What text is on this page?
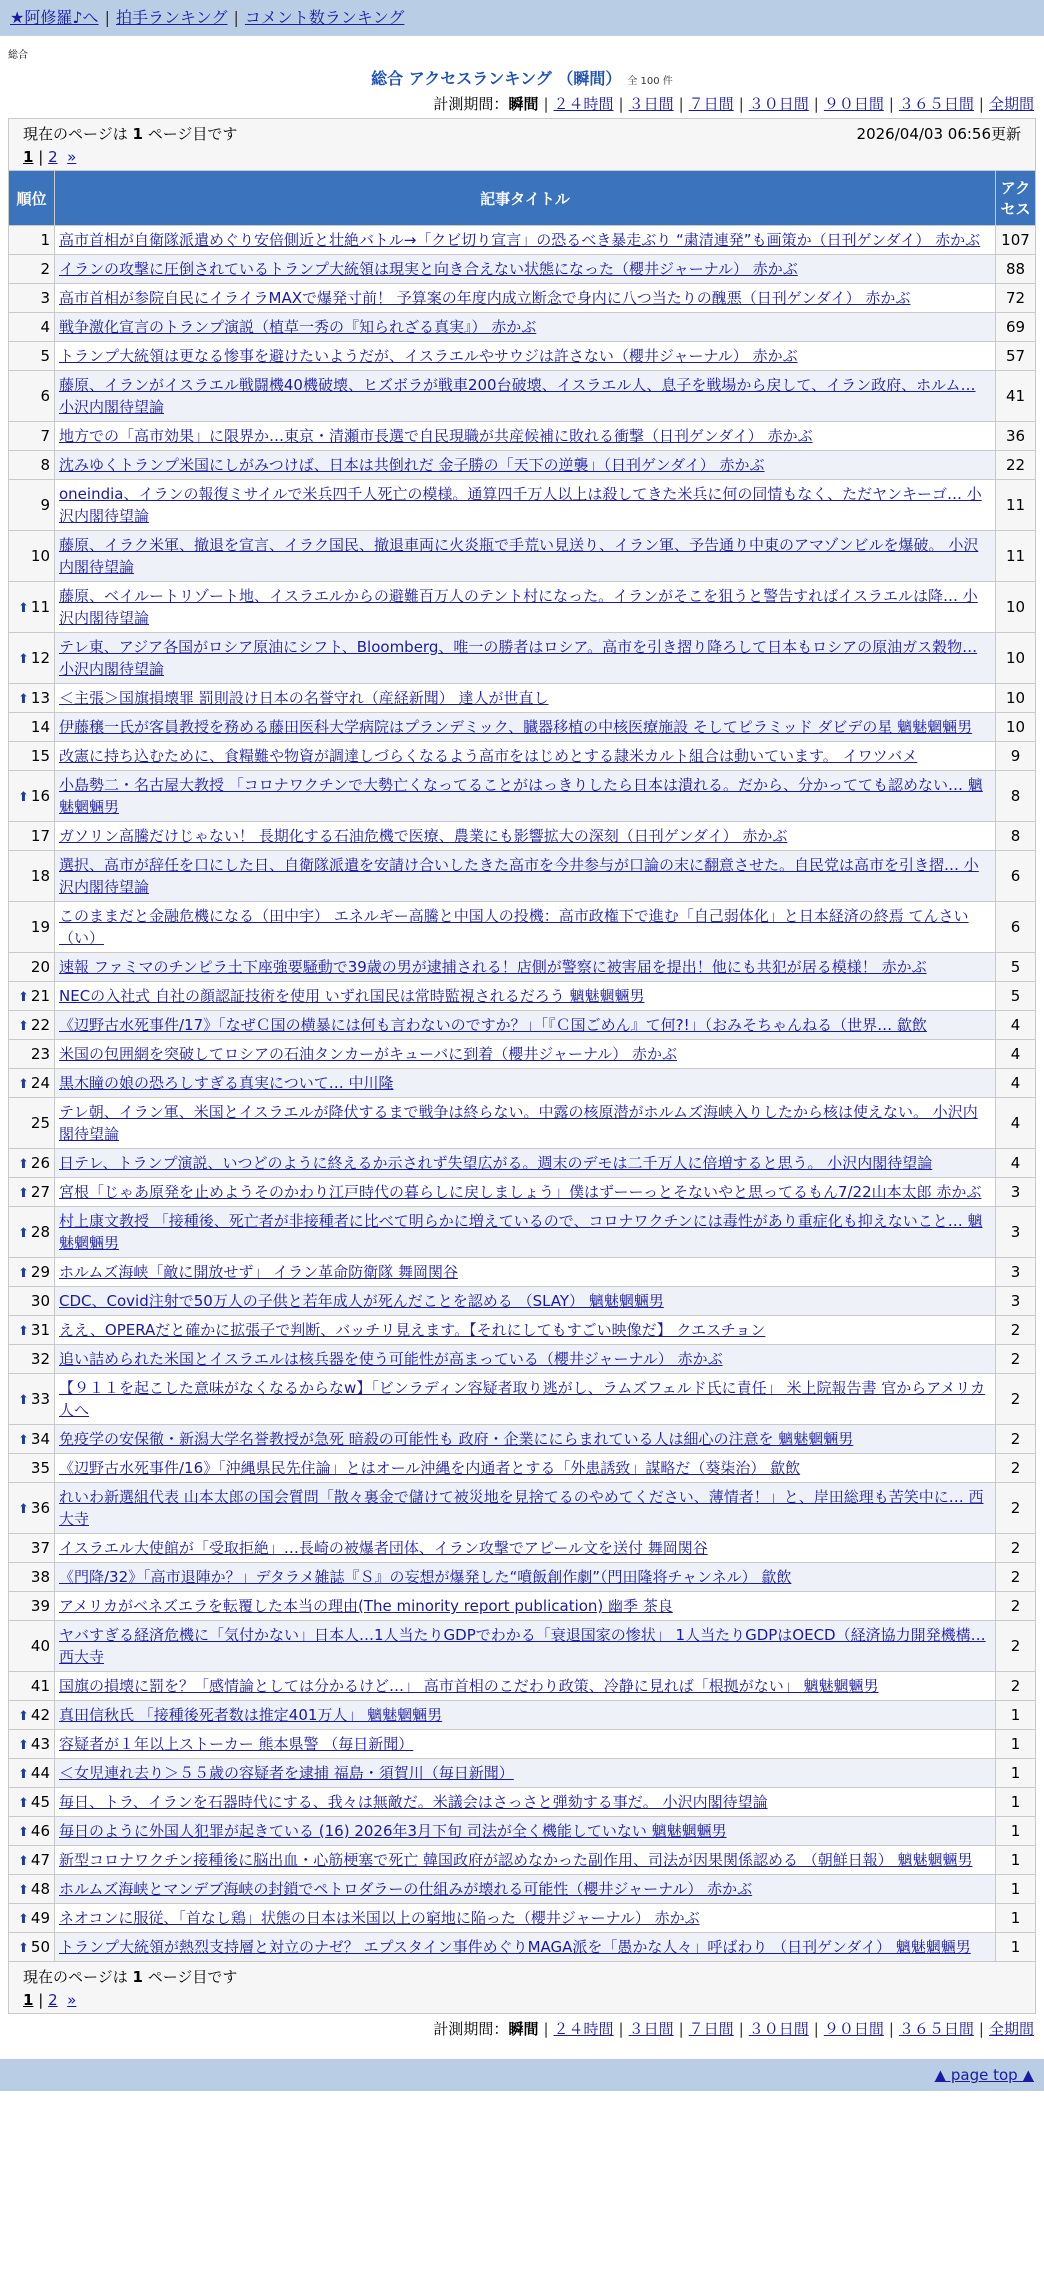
★阿修羅♪へ | 拍手ランキング | コメント数ランキング
総合
総合 アクセスランキング （瞬間） 全 100 件
計測期間：瞬間 | ２４時間 | ３日間 | ７日間 | ３０日間 | ９０日間 | ３６５日間 | 全期間
現在のページは 1 ページ目です 2026/04/03 06:56更新
1 | 2 »		

順位	記事タイトル	アクセス
1	高市首相が自衛隊派遣めぐり安倍側近と壮絶バトル→「クビ切り宣言」の恐るべき暴走ぶり “粛清連発”も画策か（日刊ゲンダイ） 赤かぶ	107
2	イランの攻撃に圧倒されているトランプ大統領は現実と向き合えない状態になった（櫻井ジャーナル） 赤かぶ	88
3	高市首相が参院自民にイライラMAXで爆発寸前！ 予算案の年度内成立断念で身内に八つ当たりの醜悪（日刊ゲンダイ） 赤かぶ	72
4	戦争激化宣言のトランプ演説（植草一秀の『知られざる真実』） 赤かぶ	69
5	トランプ大統領は更なる惨事を避けたいようだが、イスラエルやサウジは許さない（櫻井ジャーナル） 赤かぶ	57
6	藤原、イランがイスラエル戦闘機40機破壊、ヒズボラが戦車200台破壊、イスラエル人、息子を戦場から戻して、イラン政府、ホルム… 小沢内閣待望論	41
7	地方での「高市効果」に限界か…東京・清瀬市長選で自民現職が共産候補に敗れる衝撃（日刊ゲンダイ） 赤かぶ	36
8	沈みゆくトランプ米国にしがみつけば、日本は共倒れだ 金子勝の「天下の逆襲」（日刊ゲンダイ） 赤かぶ	22
9	oneindia、イランの報復ミサイルで米兵四千人死亡の模様。通算四千万人以上は殺してきた米兵に何の同情もなく、ただヤンキーゴ… 小沢内閣待望論	11
10	藤原、イラク米軍、撤退を宣言、イラク国民、撤退車両に火炎瓶で手荒い見送り、イラン軍、予告通り中東のアマゾンビルを爆破。 小沢内閣待望論	11
⬆ 11	藤原、ベイルートリゾート地、イスラエルからの避難百万人のテント村になった。イランがそこを狙うと警告すればイスラエルは降… 小沢内閣待望論	10
⬆ 12	テレ東、アジア各国がロシア原油にシフト、Bloomberg、唯一の勝者はロシア。高市を引き摺り降ろして日本もロシアの原油ガス穀物… 小沢内閣待望論	10
⬆ 13	＜主張＞国旗損壊罪 罰則設け日本の名誉守れ（産経新聞） 達人が世直し	10
14	伊藤穣一氏が客員教授を務める藤田医科大学病院はプランデミック、臓器移植の中核医療施設 そしてピラミッド ダビデの星 魑魅魍魎男	10
15	改憲に持ち込むために、食糧難や物資が調達しづらくなるよう高市をはじめとする隷米カルト組合は動いています。 イワツバメ	9
⬆ 16	小島勢二・名古屋大教授 「コロナワクチンで大勢亡くなってることがはっきりしたら日本は潰れる。だから、分かってても認めない… 魑魅魍魎男	8
17	ガソリン高騰だけじゃない！ 長期化する石油危機で医療、農業にも影響拡大の深刻（日刊ゲンダイ） 赤かぶ	8
18	選択、高市が辞任を口にした日、自衛隊派遣を安請け合いしたきた高市を今井参与が口論の末に翻意させた。自民党は高市を引き摺… 小沢内閣待望論	6
19	このままだと金融危機になる（田中宇） エネルギー高騰と中国人の投機：高市政権下で進む「自己弱体化」と日本経済の終焉 てんさい（い）	6
20	速報 ファミマのチンピラ土下座強要騒動で39歳の男が逮捕される！店側が警察に被害届を提出！他にも共犯が居る模様！ 赤かぶ	5
⬆ 21	NECの入社式 自社の顔認証技術を使用 いずれ国民は常時監視されるだろう 魑魅魍魎男	5
⬆ 22	《辺野古水死事件/17》「なぜＣ国の横暴には何も言わないのですか？」「『Ｃ国ごめん』て何?!」（おみそちゃんねる（世界… 歙飲	4
23	米国の包囲網を突破してロシアの石油タンカーがキューバに到着（櫻井ジャーナル） 赤かぶ	4
⬆ 24	黒木瞳の娘の恐ろしすぎる真実について… 中川隆	4
25	テレ朝、イラン軍、米国とイスラエルが降伏するまで戦争は終らない。中露の核原潜がホルムズ海峡入りしたから核は使えない。 小沢内閣待望論	4
⬆ 26	日テレ、トランプ演説、いつどのように終えるか示されず失望広がる。週末のデモは二千万人に倍増すると思う。 小沢内閣待望論	4
⬆ 27	宮根「じゃあ原発を止めようそのかわり江戸時代の暮らしに戻しましょう」僕はずーーっとそないやと思ってるもん7/22山本太郎 赤かぶ	3
⬆ 28	村上康文教授 「接種後、死亡者が非接種者に比べて明らかに増えているので、コロナワクチンには毒性があり重症化も抑えないこと… 魑魅魍魎男	3
⬆ 29	ホルムズ海峡「敵に開放せず」 イラン革命防衛隊 舞岡関谷	3
30	CDC、Covid注射で50万人の子供と若年成人が死んだことを認める （SLAY） 魑魅魍魎男	3
⬆ 31	ええ、OPERAだと確かに拡張子で判断、バッチリ見えます。【それにしてもすごい映像だ】 クエスチョン	2
32	追い詰められた米国とイスラエルは核兵器を使う可能性が高まっている（櫻井ジャーナル） 赤かぶ	2
⬆ 33	【９１１を起こした意味がなくなるからなw】「ビンラディン容疑者取り逃がし、ラムズフェルド氏に責任」 米上院報告書 官からアメリカ人へ	2
⬆ 34	免疫学の安保徹・新潟大学名誉教授が急死 暗殺の可能性も 政府・企業ににらまれている人は細心の注意を 魑魅魍魎男	2
35	《辺野古水死事件/16》「沖縄県民先住論」とはオール沖縄を内通者とする「外患誘致」謀略だ（葵柒治） 歙飲	2
⬆ 36	れいわ新選組代表 山本太郎の国会質問「散々裏金で儲けて被災地を見捨てるのやめてください、薄情者！」と、岸田総理も苦笑中に… 西大寺	2
37	イスラエル大使館が「受取拒絶」…長崎の被爆者団体、イラン攻撃でアピール文を送付 舞岡関谷	2
38	《門降/32》「高市退陣か？」デタラメ雑誌『Ｓ』の妄想が爆発した“噴飯創作劇”（門田隆将チャンネル） 歙飲	2
39	アメリカがベネズエラを転覆した本当の理由(The minority report publication) 幽季 茶良	2
40	ヤバすぎる経済危機に「気付かない」日本人…1人当たりGDPでわかる「衰退国家の惨状」 1人当たりGDPはOECD（経済協力開発機構… 西大寺	2
41	国旗の損壊に罰を？「感情論としては分かるけど…」 高市首相のこだわり政策、冷静に見れば「根拠がない」 魑魅魍魎男	2
⬆ 42	真田信秋氏 「接種後死者数は推定401万人」 魑魅魍魎男	1
⬆ 43	容疑者が１年以上ストーカー 熊本県警 （毎日新聞）	1
⬆ 44	＜女児連れ去り＞５５歳の容疑者を逮捕 福島・須賀川（毎日新聞）	1
⬆ 45	毎日、トラ、イランを石器時代にする、我々は無敵だ。米議会はさっさと弾劾する事だ。 小沢内閣待望論	1
⬆ 46	毎日のように外国人犯罪が起きている (16) 2026年3月下旬 司法が全く機能していない 魑魅魍魎男	1
⬆ 47	新型コロナワクチン接種後に脳出血・心筋梗塞で死亡 韓国政府が認めなかった副作用、司法が因果関係認める （朝鮮日報） 魑魅魍魎男	1
⬆ 48	ホルムズ海峡とマンデブ海峡の封鎖でペトロダラーの仕組みが壊れる可能性（櫻井ジャーナル） 赤かぶ	1
⬆ 49	ネオコンに服従、「首なし鶏」状態の日本は米国以上の窮地に陥った（櫻井ジャーナル） 赤かぶ	1
⬆ 50	トランプ大統領が熱烈支持層と対立のナゼ？ エプスタイン事件めぐりMAGA派を「愚かな人々」呼ばわり （日刊ゲンダイ） 魑魅魍魎男	1
現在のページは 1 ページ目です
1 | 2 »		
計測期間：瞬間 | ２４時間 | ３日間 | ７日間 | ３０日間 | ９０日間 | ３６５日間 | 全期間
▲ page top ▲
